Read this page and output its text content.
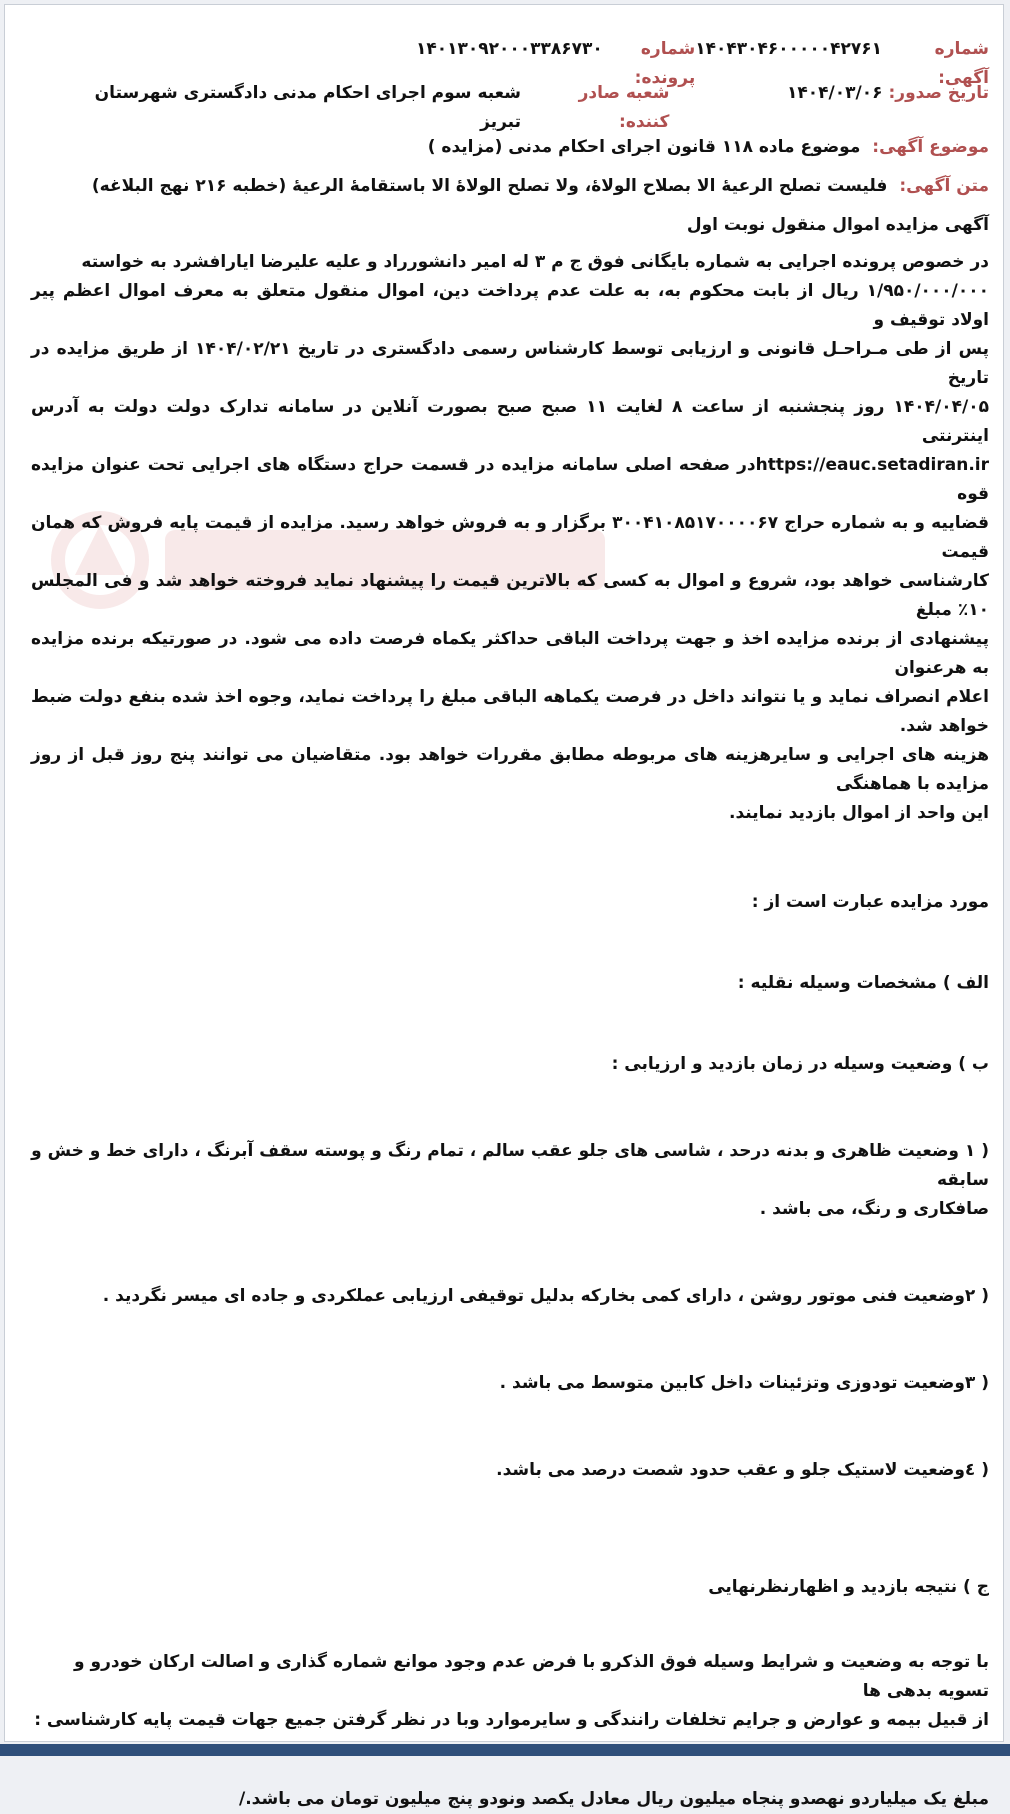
شماره آگهی:
۱۴۰۴۳۰۴۶۰۰۰۰۰۴۲۷۶۱
شماره پرونده:
۱۴۰۱۳۰۹۲۰۰۰۳۳۸۶۷۳۰
تاریخ صدور:
۱۴۰۴/۰۳/۰۶
شعبه صادر کننده:
شعبه سوم اجرای احکام مدنی دادگستری شهرستان تبریز

موضوع آگهی: موضوع ماده ۱۱۸ قانون اجرای احکام مدنی (مزایده )

متن آگهی: فلیست تصلح الرعیهٔ الا بصلاح الولاهٔ، ولا تصلح الولاهٔ الا باستقامهٔ الرعیهٔ (خطبه ۲۱۶ نهج البلاغه)

آگهی مزایده اموال منقول نوبت اول

در خصوص پرونده اجرایی به شماره بایگانی فوق ج م ۳ له امیر دانشورراد و علیه علیرضا ایارافشرد به خواسته

۱/۹۵۰/۰۰۰/۰۰۰ ریال از بابت محکوم به، به علت عدم پرداخت دین، اموال منقول متعلق به معرف اموال اعظم پیر اولاد توقیف و

پس از طی مـراحـل قانونی و ارزیابی توسط کارشناس رسمی دادگستری در تاریخ ۱۴۰۴/۰۲/۲۱ از طریق مزایده در تاریخ

۱۴۰۴/۰۴/۰۵ روز پنجشنبه از ساعت ۸ لغایت ۱۱ صبح صبح بصورت آنلاین در سامانه تدارک دولت دولت به آدرس اینترنتی

https://eauc.setadiran.irدر صفحه اصلی سامانه مزایده در قسمت حراج دستگاه های اجرایی تحت عنوان مزایده قوه

قضاییه و به شماره حراج ۳۰۰۴۱۰۸۵۱۷۰۰۰۰۶۷ برگزار و به فروش خواهد رسید. مزایده از قیمت پایه فروش که همان قیمت

کارشناسی خواهد بود، شروع و اموال به کسی که بالاترین قیمت را پیشنهاد نماید فروخته خواهد شد و فی المجلس ۱۰٪ مبلغ

پیشنهادی از برنده مزایده اخذ و جهت پرداخت الباقی حداکثر یکماه فرصت داده می شود. در صورتیکه برنده مزایده به هرعنوان

اعلام انصراف نماید و یا نتواند داخل در فرصت یکماهه الباقی مبلغ را پرداخت نماید، وجوه اخذ شده بنفع دولت ضبط خواهد شد.

هزینه های اجرایی و سایرهزینه های مربوطه مطابق مقررات خواهد بود. متقاضیان می توانند پنج روز قبل از روز مزایده با هماهنگی

این واحد از اموال بازدید نمایند.

مورد مزایده عبارت است از :

الف ) مشخصات وسیله نقلیه :

ب ) وضعیت وسیله در زمان بازدید و ارزیابی :

( ۱ وضعیت ظاهری و بدنه درحد ، شاسی های جلو عقب سالم ، تمام رنگ و پوسته سقف آبرنگ ، دارای خط و خش و سابقه

صافکاری و رنگ، می باشد .

( ۲وضعیت فنی موتور روشن ، دارای کمی بخارکه بدلیل توقیفی ارزیابی عملکردی و جاده ای میسر نگردید .

( ۳وضعیت تودوزی وتزئینات داخل کابین متوسط می باشد .

( ٤وضعیت لاستیک جلو و عقب حدود شصت درصد می باشد.

ج ) نتیجه بازدید و اظهارنظرنهایی

با توجه به وضعیت و شرایط وسیله فوق الذکرو با فرض عدم وجود موانع شماره گذاری و اصالت ارکان خودرو و تسویه بدهی ها

از قبیل بیمه و عوارض و جرایم تخلفات رانندگی و سایرموارد وبا در نظر گرفتن جمیع جهات قیمت پایه کارشناسی :

مبلغ یک میلیاردو نهصدو پنجاه میلیون ریال معادل یکصد ونودو پنج میلیون تومان می باشد./
